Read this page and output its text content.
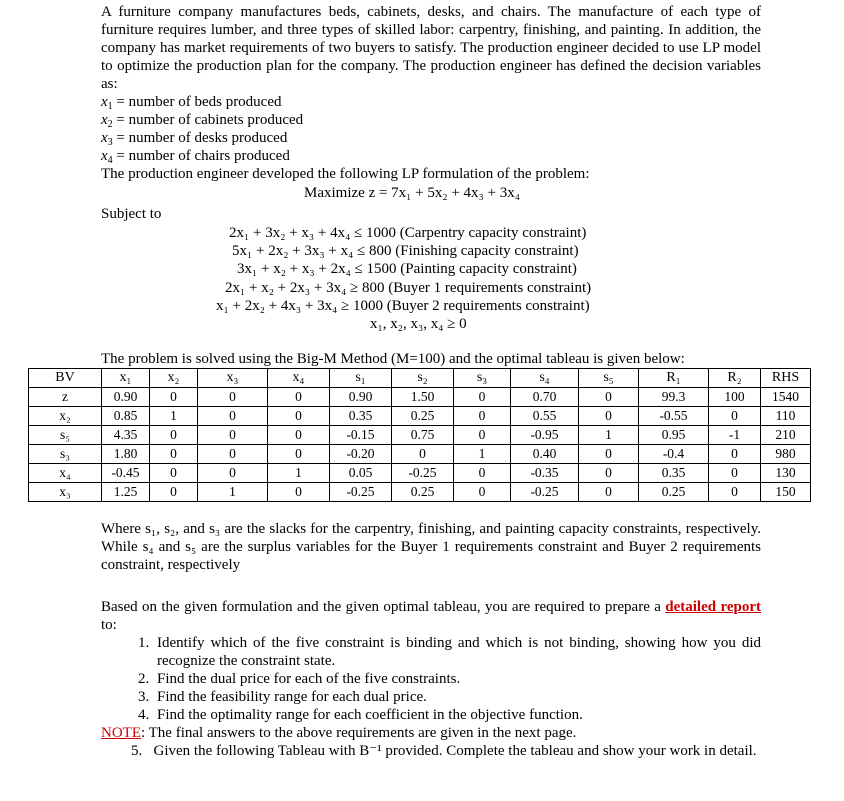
A furniture company manufactures beds, cabinets, desks, and chairs. The manufacture of each type of furniture requires lumber, and three types of skilled labor: carpentry, finishing, and painting. In addition, the company has market requirements of two buyers to satisfy. The production engineer decided to use LP model to optimize the production plan for the company. The production engineer has defined the decision variables as:
$x_1$ = number of beds produced
$x_2$ = number of cabinets produced
$x_3$ = number of desks produced
$x_4$ = number of chairs produced
The production engineer developed the following LP formulation of the problem:
Maximize z = 7x₁ + 5x₂ + 4x₃ + 3x₄
Subject to
2x₁ + 3x₂ + x₃ + 4x₄ ≤ 1000 (Carpentry capacity constraint)
5x₁ + 2x₂ + 3x₃ + x₄ ≤ 800 (Finishing capacity constraint)
3x₁ + x₂ + x₃ + 2x₄ ≤ 1500 (Painting capacity constraint)
2x₁ + x₂ + 2x₃ + 3x₄ ≥ 800 (Buyer 1 requirements constraint)
x₁ + 2x₂ + 4x₃ + 3x₄ ≥ 1000 (Buyer 2 requirements constraint)
x₁, x₂, x₃, x₄ ≥ 0
The problem is solved using the Big-M Method (M=100) and the optimal tableau is given below:
BV	x₁	x₂	x₃	x₄	s₁	s₂	s₃	s₄	s₅	R₁	R₂	RHS
z	0.90	0	0	0	0.90	1.50	0	0.70	0	99.3	100	1540
x₂	0.85	1	0	0	0.35	0.25	0	0.55	0	-0.55	0	110
s₅	4.35	0	0	0	-0.15	0.75	0	-0.95	1	0.95	-1	210
s₃	1.80	0	0	0	-0.20	0	1	0.40	0	-0.4	0	980
x₄	-0.45	0	0	1	0.05	-0.25	0	-0.35	0	0.35	0	130
x₃	1.25	0	1	0	-0.25	0.25	0	-0.25	0	0.25	0	150
Where s₁, s₂, and s₃ are the slacks for the carpentry, finishing, and painting capacity constraints, respectively. While s₄ and s₅ are the surplus variables for the Buyer 1 requirements constraint and Buyer 2 requirements constraint, respectively
Based on the given formulation and the given optimal tableau, you are required to prepare a detailed report to:
1. Identify which of the five constraint is binding and which is not binding, showing how you did recognize the constraint state.
2. Find the dual price for each of the five constraints.
3. Find the feasibility range for each dual price.
4. Find the optimality range for each coefficient in the objective function.
NOTE: The final answers to the above requirements are given in the next page.
5. Given the following Tableau with B⁻¹ provided. Complete the tableau and show your work in detail.
